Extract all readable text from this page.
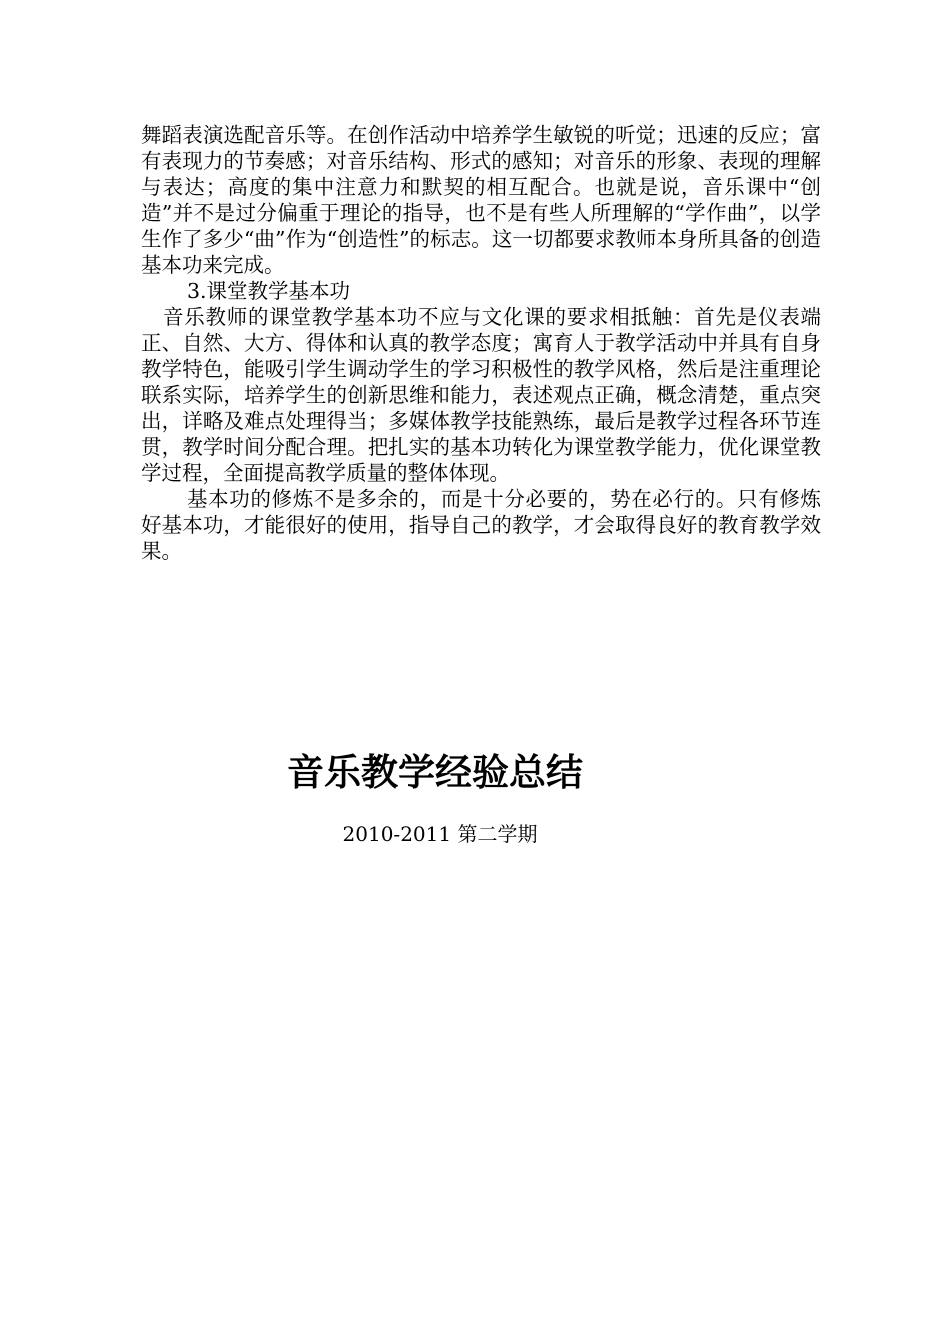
舞蹈表演选配音乐等。在创作活动中培养学生敏锐的听觉；迅速的反应；富有表现力的节奏感；对音乐结构、形式的感知；对音乐的形象、表现的理解与表达；高度的集中注意力和默契的相互配合。也就是说，音乐课中“创造”并不是过分偏重于理论的指导，也不是有些人所理解的“学作曲”，以学生作了多少“曲”作为“创造性”的标志。这一切都要求教师本身所具备的创造基本功来完成。

3.课堂教学基本功

音乐教师的课堂教学基本功不应与文化课的要求相抵触：首先是仪表端正、自然、大方、得体和认真的教学态度；寓育人于教学活动中并具有自身教学特色，能吸引学生调动学生的学习积极性的教学风格，然后是注重理论联系实际，培养学生的创新思维和能力，表述观点正确，概念清楚，重点突出，详略及难点处理得当；多媒体教学技能熟练，最后是教学过程各环节连贯，教学时间分配合理。把扎实的基本功转化为课堂教学能力，优化课堂教学过程，全面提高教学质量的整体体现。

基本功的修炼不是多余的，而是十分必要的，势在必行的。只有修炼好基本功，才能很好的使用，指导自己的教学，才会取得良好的教育教学效果。

音乐教学经验总结
2010-2011 第二学期
